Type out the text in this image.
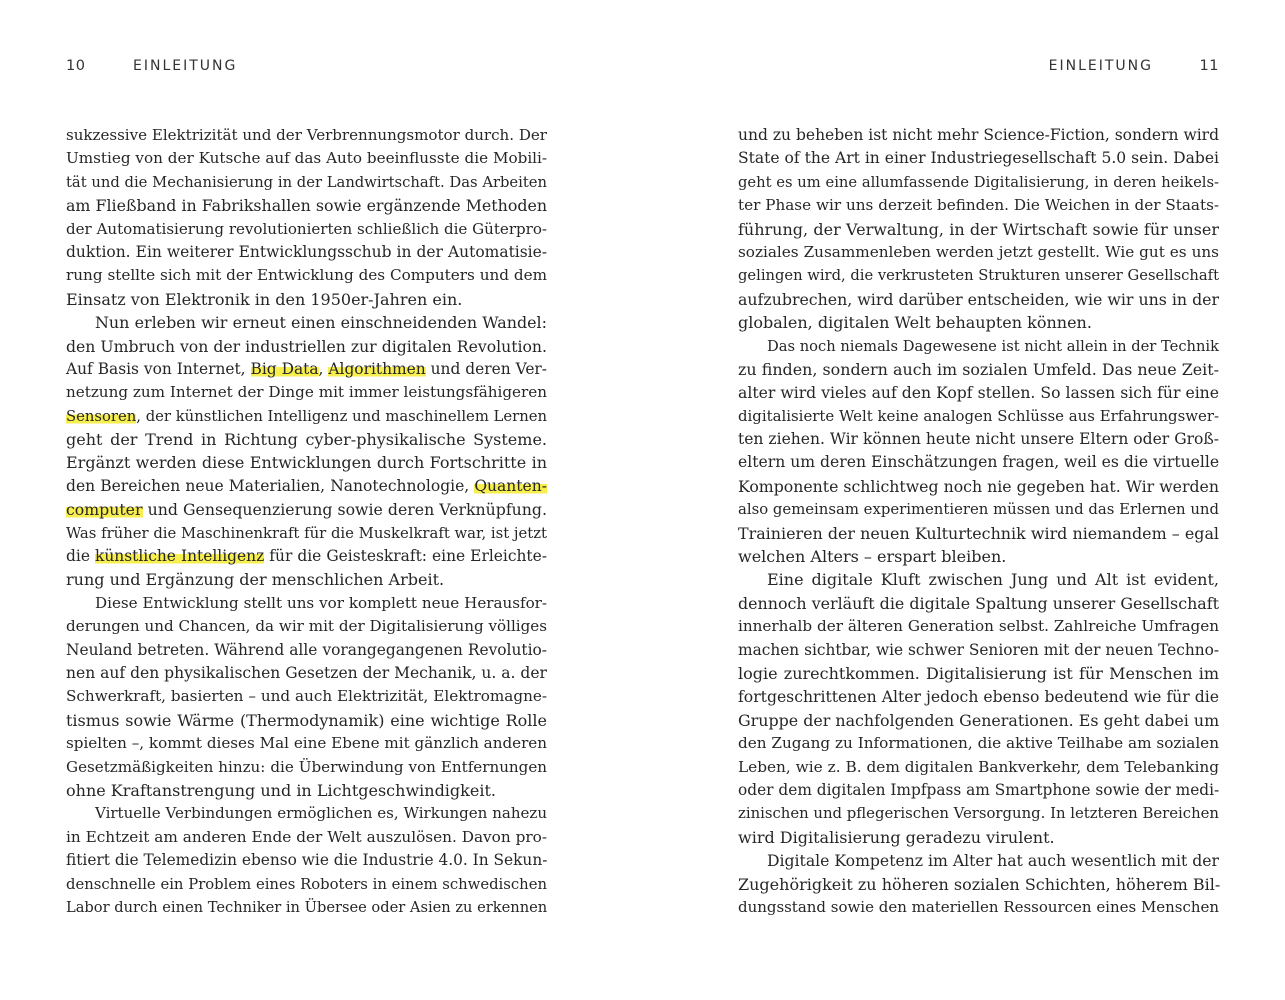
10	EINLEITUNG
sukzessive Elektrizität und der Verbrennungsmotor durch. Der
Umstieg von der Kutsche auf das Auto beeinflusste die Mobili-
tät und die Mechanisierung in der Landwirtschaft. Das Arbeiten
am Fließband in Fabrikshallen sowie ergänzende Methoden
der Automatisierung revolutionierten schließlich die Güterpro-
duktion. Ein weiterer Entwicklungsschub in der Automatisie-
rung stellte sich mit der Entwicklung des Computers und dem
Einsatz von Elektronik in den 1950er-Jahren ein.
Nun erleben wir erneut einen einschneidenden Wandel:
den Umbruch von der industriellen zur digitalen Revolution.
Auf Basis von Internet, Big Data, Algorithmen und deren Ver-
netzung zum Internet der Dinge mit immer leistungsfähigeren
Sensoren, der künstlichen Intelligenz und maschinellem Lernen
geht der Trend in Richtung cyber-physikalische Systeme.
Ergänzt werden diese Entwicklungen durch Fortschritte in
den Bereichen neue Materialien, Nanotechnologie, Quanten-
computer und Gensequenzierung sowie deren Verknüpfung.
Was früher die Maschinenkraft für die Muskelkraft war, ist jetzt
die künstliche Intelligenz für die Geisteskraft: eine Erleichte-
rung und Ergänzung der menschlichen Arbeit.
Diese Entwicklung stellt uns vor komplett neue Herausfor-
derungen und Chancen, da wir mit der Digitalisierung völliges
Neuland betreten. Während alle vorangegangenen Revolutio-
nen auf den physikalischen Gesetzen der Mechanik, u. a. der
Schwerkraft, basierten – und auch Elektrizität, Elektromagne-
tismus sowie Wärme (Thermodynamik) eine wichtige Rolle
spielten –, kommt dieses Mal eine Ebene mit gänzlich anderen
Gesetzmäßigkeiten hinzu: die Überwindung von Entfernungen
ohne Kraftanstrengung und in Lichtgeschwindigkeit.
Virtuelle Verbindungen ermöglichen es, Wirkungen nahezu
in Echtzeit am anderen Ende der Welt auszulösen. Davon pro-
fitiert die Telemedizin ebenso wie die Industrie 4.0. In Sekun-
denschnelle ein Problem eines Roboters in einem schwedischen
Labor durch einen Techniker in Übersee oder Asien zu erkennen
EINLEITUNG	11
und zu beheben ist nicht mehr Science-Fiction, sondern wird
State of the Art in einer Industriegesellschaft 5.0 sein. Dabei
geht es um eine allumfassende Digitalisierung, in deren heikels-
ter Phase wir uns derzeit befinden. Die Weichen in der Staats-
führung, der Verwaltung, in der Wirtschaft sowie für unser
soziales Zusammenleben werden jetzt gestellt. Wie gut es uns
gelingen wird, die verkrusteten Strukturen unserer Gesellschaft
aufzubrechen, wird darüber entscheiden, wie wir uns in der
globalen, digitalen Welt behaupten können.
Das noch niemals Dagewesene ist nicht allein in der Technik
zu finden, sondern auch im sozialen Umfeld. Das neue Zeit-
alter wird vieles auf den Kopf stellen. So lassen sich für eine
digitalisierte Welt keine analogen Schlüsse aus Erfahrungswer-
ten ziehen. Wir können heute nicht unsere Eltern oder Groß-
eltern um deren Einschätzungen fragen, weil es die virtuelle
Komponente schlichtweg noch nie gegeben hat. Wir werden
also gemeinsam experimentieren müssen und das Erlernen und
Trainieren der neuen Kulturtechnik wird niemandem – egal
welchen Alters – erspart bleiben.
Eine digitale Kluft zwischen Jung und Alt ist evident,
dennoch verläuft die digitale Spaltung unserer Gesellschaft
innerhalb der älteren Generation selbst. Zahlreiche Umfragen
machen sichtbar, wie schwer Senioren mit der neuen Techno-
logie zurechtkommen. Digitalisierung ist für Menschen im
fortgeschrittenen Alter jedoch ebenso bedeutend wie für die
Gruppe der nachfolgenden Generationen. Es geht dabei um
den Zugang zu Informationen, die aktive Teilhabe am sozialen
Leben, wie z. B. dem digitalen Bankverkehr, dem Telebanking
oder dem digitalen Impfpass am Smartphone sowie der medi-
zinischen und pflegerischen Versorgung. In letzteren Bereichen
wird Digitalisierung geradezu virulent.
Digitale Kompetenz im Alter hat auch wesentlich mit der
Zugehörigkeit zu höheren sozialen Schichten, höherem Bil-
dungsstand sowie den materiellen Ressourcen eines Menschen
